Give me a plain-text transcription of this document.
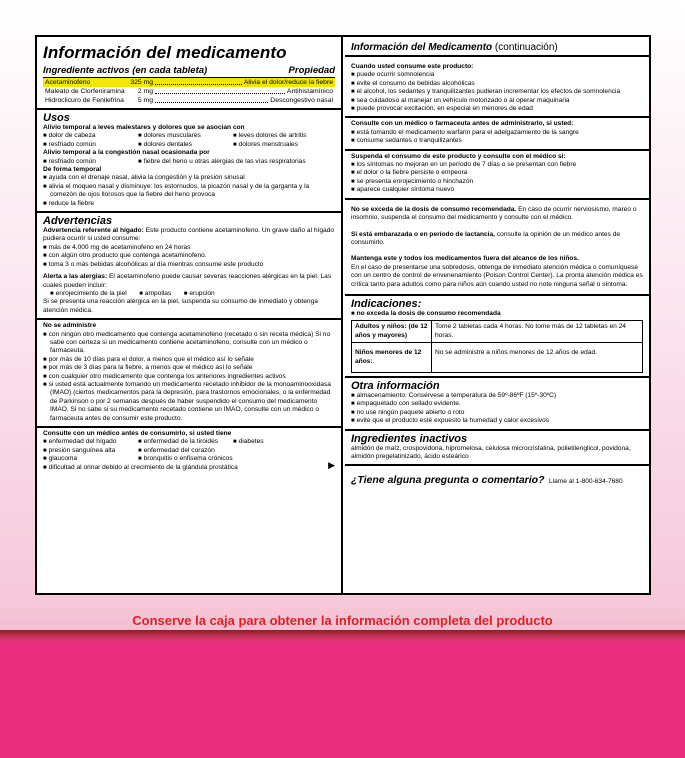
Conserve la caja para obtener la información completa del producto
Información del medicamento
Ingrediente activos (en cada tableta)	Propiedad
Acetaminofeno	325 mg	Alivia el dolor/reduce la fiebre
Maleato de Clorfeniramina	2 mg	Antihistamínico
Hidroclicuro de Fenilefrina	5 mg	Descongestivo nasal
Usos
Alivio temporal a leves malestares y dolores que se asocian con
■ dolor de cabeza	■ dolores musculares	■ leves dolores de artritis
■ resfriado común	■ dolores dentales	■ dolores menstruales
Alivio temporal a la congestión nasal ocasionada por
■ resfriado común	■ fiebre del heno u otras alergias de las vías respiratorias
De forma temporal
■ ayuda con el drenaje nasal, alivia la congestión y la presión sinusal
■ alivia el moqueo nasal y disminuye: los estornudos, la picazón nasal y de la garganta y la comezón de ojos llorosos que la fiebre del heno provoca
■ reduce la fiebre
Advertencias
Advertencia referente al hígado: Este producto contiene acetaminofeno. Un grave daño al hígado pudiera ocurrir si usted consume:
■ más de 4,000 mg de acetaminofeno en 24 horas
■ con algún otro producto que contenga acetaminofeno.
■ toma 3 o más bebidas alcohólicas al día mientras consume este producto
Alerta a las alergias: El acetaminofeno puede causar severas reacciones alérgicas en la piel. Las cuales pueden incluir:
■ enrojecimiento de la piel	■ ampollas	■ erupción
Si se presenta una reacción alérgica en la piel, suspenda su consumo de inmediato y obtenga atención médica.
No se administre
■ con ningún otro medicamento que contenga acetaminofeno (recetado o sin receta médica) Si no sabe con certeza si un medicamento contiene acetaminofeno, consulte con un médico o farmaceuta.
■ por más de 10 días para el dolor, a menos que el médico así lo señale
■ por más de 3 días para la fiebre, a menos que el médico así lo señale
■ con cualquier otro medicamento que contenga los anteriores ingredientes activos
■ si usted está actualmente tomando un medicamento recetado inhibidor de la monoaminooxidasa (IMAO) (ciertos medicamentos para la depresión, para trastornos emocionales, o la enfermedad de Parkinson o por 2 semanas después de haber suspendido el consumo del medicamento IMAO. Si no sabe si su medicamento recetado contiene un IMAO, consulte con un médico o farmaceuta antes de consumir este producto.
Consulte con un médico antes de consumirlo, si usted tiene
■ enfermedad del hígado	■ enfermedad de la tiroides	■ diabetes
■ presión sanguínea alta	■ enfermedad del corazón
■ glaucoma	■ bronquitis o enfisema crónicos
■ dificultad al orinar debido al crecimiento de la glándula prostática	▶
Información del Medicamento (continuación)
Cuando usted consume este producto:
■ puede ocurrir somnolencia
■ evite el consumo de bebidas alcohólicas
■ el alcohol, los sedantes y tranquilizantes pudieran incrementar los efectos de somnolencia
■ sea cuidadoso al manejar un vehículo motorizado o al operar maquinaria
■ puede provocar excitación, en especial en menores de edad
Consulte con un médico o farmaceuta antes de administrarlo, si usted:
■ está tomando el medicamento warfarin para el adelgazamiento de la sangre
■ consume sedantes o tranquilizantes
Suspenda el consumo de este producto y consulte con el médico si:
■ los síntomas no mejoran en un período de 7 días o se presentan con fiebre
■ el dolor o la fiebre persiste o empeora
■ se presenta enrojecimiento o hinchazón
■ aparece cualquier síntoma nuevo
No se exceda de la dosis de consumo recomendada. En caso de ocurrir nerviosismo, mareo o insomnio, suspenda el consumo del medicamento y consulte con el médico.
Si está embarazada o en período de lactancia, consulte la opinión de un médico antes de consumirlo.
Mantenga este y todos los medicamentos fuera del alcance de los niños.
En el caso de presentarse una sobredosis, obtenga de inmediato atención médica o comuníquese con un centro de control de envenenamiento (Poison Control Center). La pronta atención médica es crítica tanto para adultos como para niños aún cuando usted no note ninguna señal o síntoma.
Indicaciones:
■ no exceda la dosis de consumo recomendada
Adultos y niños: (de 12 años y mayores)	Tome 2 tabletas cada 4 horas. No tome más de 12 tabletas en 24 horas.
Niños menores de 12 años:	No se administre a niños menores de 12 años de edad.
Otra información
■ almacenamiento: Consérvese a temperatura de 59º-86ºF (15º-30ºC)
■ empaquetado con sellado evidente.
■ no use ningún paquete abierto o roto
■ evite que el producto esté expuesto la humedad y calor excesivos
Ingredientes inactivos
almidón de maíz, crospovidona, hipromelosa, celulosa microcristalina, polietilenglicol, povidona, almidón pregelatinizado, ácido esteárico
¿Tiene alguna pregunta o comentario? Llame al 1-800-634-7680
